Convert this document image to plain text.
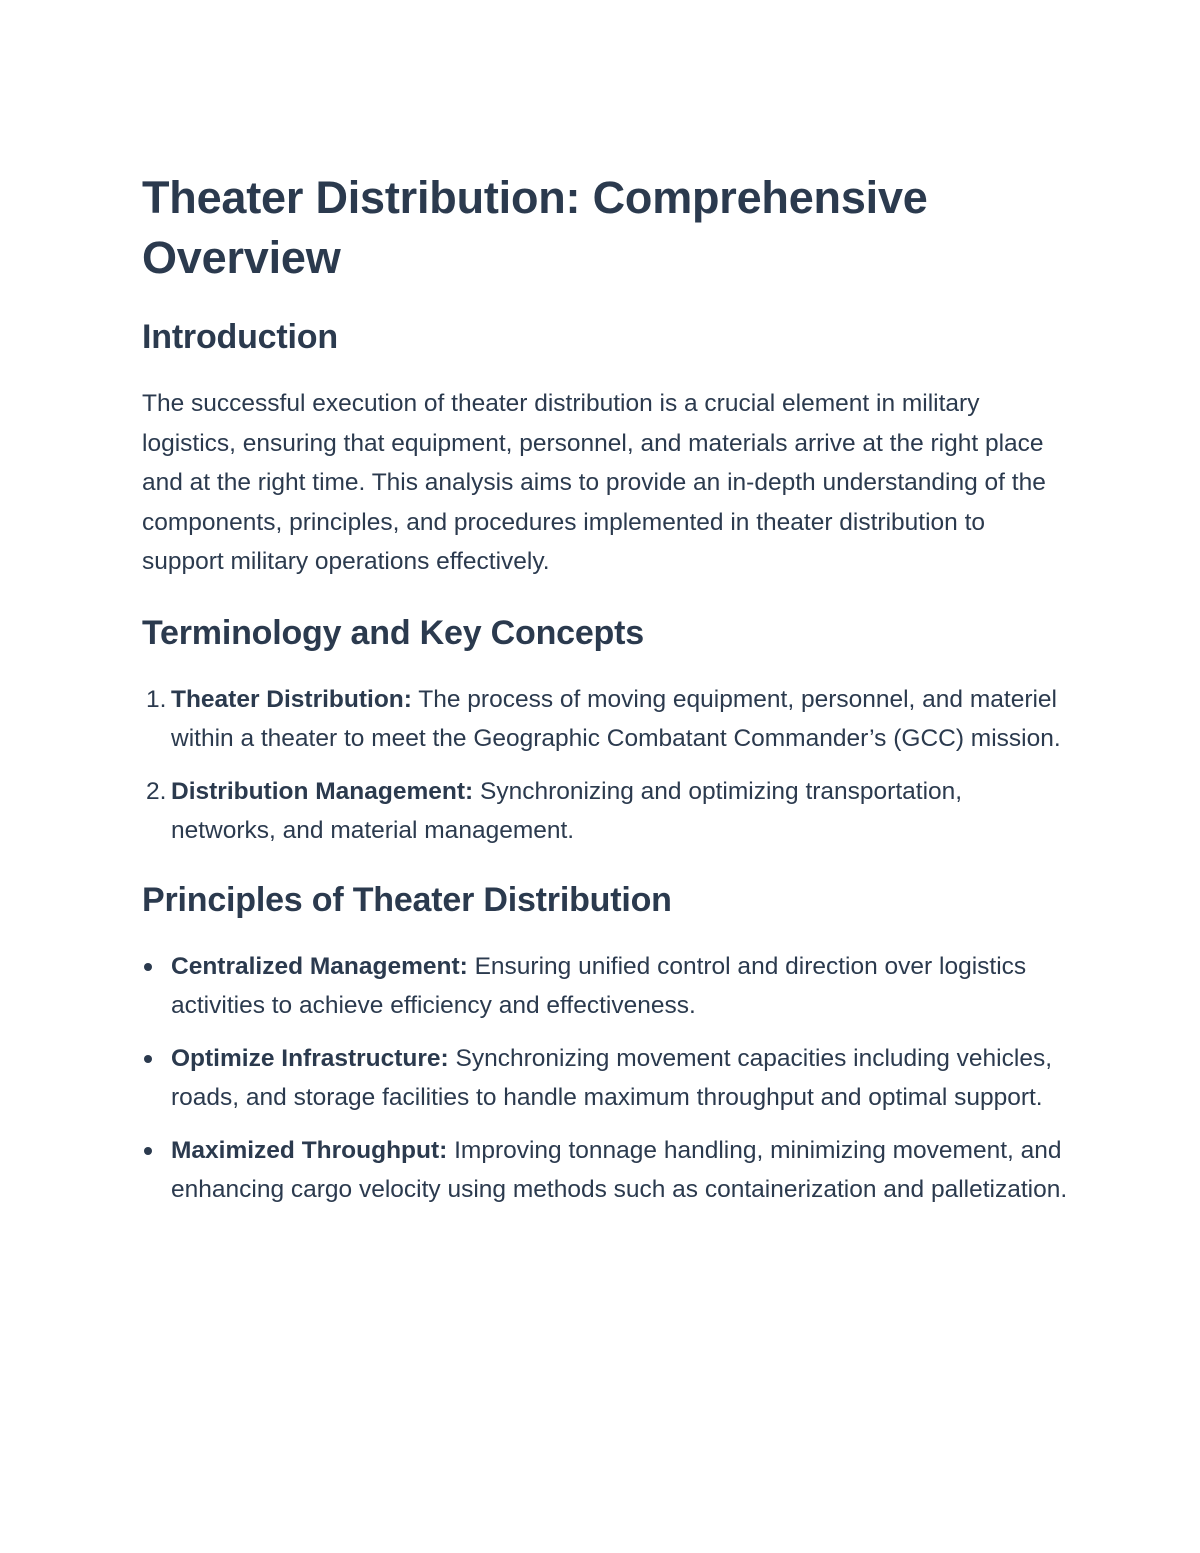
Theater Distribution: Comprehensive Overview
Introduction

The successful execution of theater distribution is a crucial element in military logistics, ensuring that equipment, personnel, and materials arrive at the right place and at the right time. This analysis aims to provide an in-depth understanding of the components, principles, and procedures implemented in theater distribution to support military operations effectively.

Terminology and Key Concepts
1. Theater Distribution: The process of moving equipment, personnel, and materiel within a theater to meet the Geographic Combatant Commander’s (GCC) mission.
2. Distribution Management: Synchronizing and optimizing transportation, networks, and material management.
Principles of Theater Distribution
Centralized Management: Ensuring unified control and direction over logistics activities to achieve efficiency and effectiveness.
Optimize Infrastructure: Synchronizing movement capacities including vehicles, roads, and storage facilities to handle maximum throughput and optimal support.
Maximized Throughput: Improving tonnage handling, minimizing movement, and enhancing cargo velocity using methods such as containerization and palletization.
